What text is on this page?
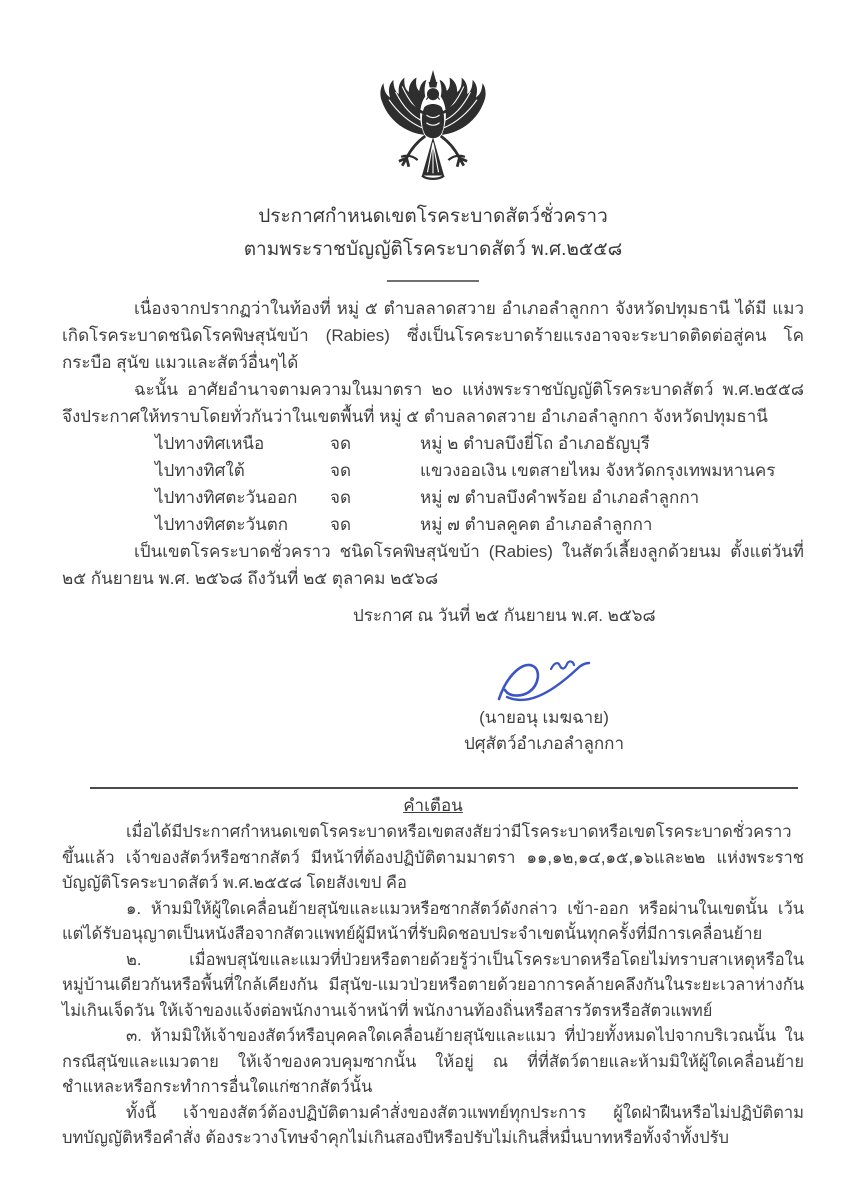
ประกาศกำหนดเขตโรคระบาดสัตว์ชั่วคราว
ตามพระราชบัญญัติโรคระบาดสัตว์ พ.ศ.๒๕๕๘

เนื่องจากปรากฏว่าในท้องที่ หมู่ ๕ ตำบลลาดสวาย อำเภอลำลูกกา จังหวัดปทุมธานี ได้มี แมวเกิดโรคระบาดชนิดโรคพิษสุนัขบ้า (Rabies) ซึ่งเป็นโรคระบาดร้ายแรงอาจจะระบาดติดต่อสู่คน โค กระบือ สุนัข แมวและสัตว์อื่นๆได้

ฉะนั้น อาศัยอำนาจตามความในมาตรา ๒๐ แห่งพระราชบัญญัติโรคระบาดสัตว์ พ.ศ.๒๕๕๘ จึงประกาศให้ทราบโดยทั่วกันว่าในเขตพื้นที่ หมู่ ๕ ตำบลลาดสวาย อำเภอลำลูกกา จังหวัดปทุมธานี

ไปทางทิศเหนือ	จด	หมู่ ๒ ตำบลบึงยี่โถ อำเภอธัญบุรี
ไปทางทิศใต้	จด	แขวงออเงิน เขตสายไหม จังหวัดกรุงเทพมหานคร
ไปทางทิศตะวันออก	จด	หมู่ ๗ ตำบลบึงคำพร้อย อำเภอลำลูกกา
ไปทางทิศตะวันตก	จด	หมู่ ๗ ตำบลคูคต อำเภอลำลูกกา

เป็นเขตโรคระบาดชั่วคราว ชนิดโรคพิษสุนัขบ้า (Rabies) ในสัตว์เลี้ยงลูกด้วยนม ตั้งแต่วันที่ ๒๕ กันยายน พ.ศ. ๒๕๖๘ ถึงวันที่ ๒๕ ตุลาคม ๒๕๖๘

ประกาศ ณ วันที่ ๒๕ กันยายน พ.ศ. ๒๕๖๘

(นายอนุ เมฆฉาย)

ปศุสัตว์อำเภอลำลูกกา

คำเตือน

เมื่อได้มีประกาศกำหนดเขตโรคระบาดหรือเขตสงสัยว่ามีโรคระบาดหรือเขตโรคระบาดชั่วคราวขึ้นแล้ว เจ้าของสัตว์หรือซากสัตว์ มีหน้าที่ต้องปฏิบัติตามมาตรา ๑๑,๑๒,๑๔,๑๕,๑๖และ๒๒ แห่งพระราชบัญญัติโรคระบาดสัตว์ พ.ศ.๒๕๕๘ โดยสังเขป คือ

๑. ห้ามมิให้ผู้ใดเคลื่อนย้ายสุนัขและแมวหรือซากสัตว์ดังกล่าว เข้า-ออก หรือผ่านในเขตนั้น เว้นแต่ได้รับอนุญาตเป็นหนังสือจากสัตวแพทย์ผู้มีหน้าที่รับผิดชอบประจำเขตนั้นทุกครั้งที่มีการเคลื่อนย้าย

๒. เมื่อพบสุนัขและแมวที่ป่วยหรือตายด้วยรู้ว่าเป็นโรคระบาดหรือโดยไม่ทราบสาเหตุหรือในหมู่บ้านเดียวกันหรือพื้นที่ใกล้เคียงกัน มีสุนัข-แมวป่วยหรือตายด้วยอาการคล้ายคลึงกันในระยะเวลาห่างกันไม่เกินเจ็ดวัน ให้เจ้าของแจ้งต่อพนักงานเจ้าหน้าที่ พนักงานท้องถิ่นหรือสารวัตรหรือสัตวแพทย์

๓. ห้ามมิให้เจ้าของสัตว์หรือบุคคลใดเคลื่อนย้ายสุนัขและแมว ที่ป่วยทั้งหมดไปจากบริเวณนั้น ในกรณีสุนัขและแมวตาย ให้เจ้าของควบคุมซากนั้น ให้อยู่ ณ ที่ที่สัตว์ตายและห้ามมิให้ผู้ใดเคลื่อนย้าย ชำแหละหรือกระทำการอื่นใดแก่ซากสัตว์นั้น

ทั้งนี้ เจ้าของสัตว์ต้องปฏิบัติตามคำสั่งของสัตวแพทย์ทุกประการ ผู้ใดฝ่าฝืนหรือไม่ปฏิบัติตามบทบัญญัติหรือคำสั่ง ต้องระวางโทษจำคุกไม่เกินสองปีหรือปรับไม่เกินสี่หมื่นบาทหรือทั้งจำทั้งปรับ
